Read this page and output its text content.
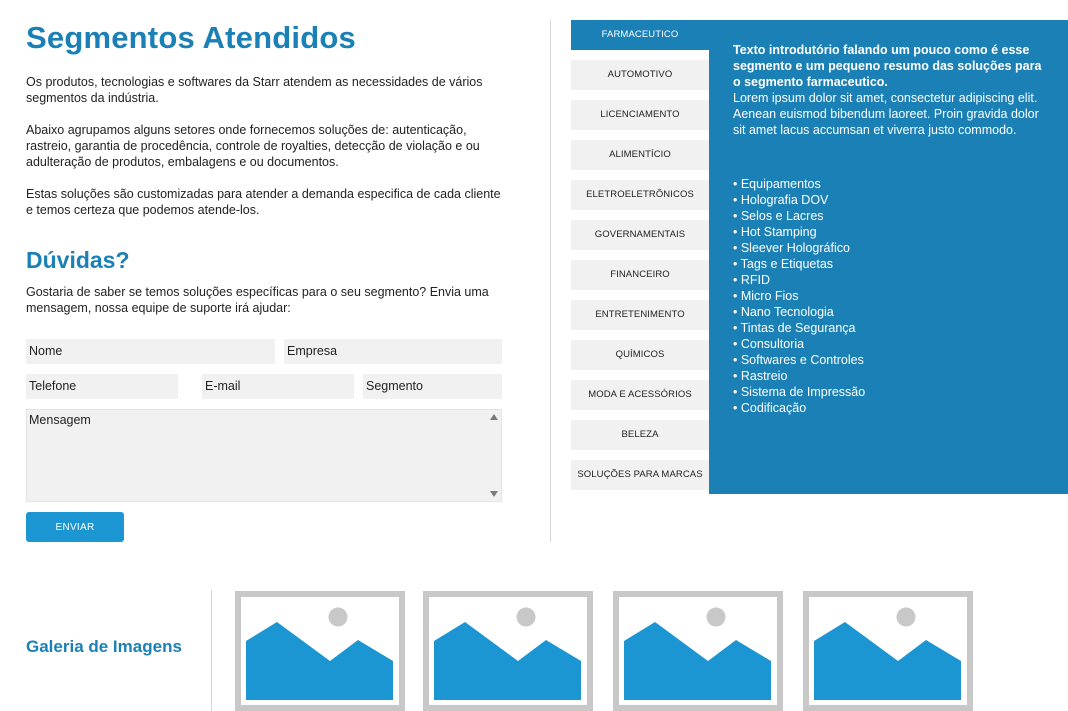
Segmentos Atendidos

Os produtos, tecnologias e softwares da Starr atendem as necessidades de vários segmentos da indústria.

Abaixo agrupamos alguns setores onde fornecemos soluções de: autenticação, rastreio, garantia de procedência, controle de royalties, detecção de violação e ou adulteração de produtos, embalagens e ou documentos.

Estas soluções são customizadas para atender a demanda especifica de cada cliente e temos certeza que podemos atende-los.

Dúvidas?

Gostaria de saber se temos soluções específicas para o seu segmento? Envia uma mensagem, nossa equipe de suporte irá ajudar:

Nome	Empresa
Telefone	E-mail	Segmento
Mensagem
ENVIAR
FARMACEUTICO
AUTOMOTIVO
LICENCIAMENTO
ALIMENTÍCIO
ELETROELETRÔNICOS
GOVERNAMENTAIS
FINANCEIRO
ENTRETENIMENTO
QUÍMICOS
MODA E ACESSÓRIOS
BELEZA
SOLUÇÕES PARA MARCAS

Texto introdutório falando um pouco como é esse segmento e um pequeno resumo das soluções para o segmento farmaceutico.

Lorem ipsum dolor sit amet, consectetur adipiscing elit. Aenean euismod bibendum laoreet. Proin gravida dolor sit amet lacus accumsan et viverra justo commodo.

• Equipamentos
• Holografia DOV
• Selos e Lacres
• Hot Stamping
• Sleever Holográfico
• Tags e Etiquetas
• RFID
• Micro Fios
• Nano Tecnologia
• Tintas de Segurança
• Consultoria
• Softwares e Controles
• Rastreio
• Sistema de Impressão
• Codificação
Galeria de Imagens
